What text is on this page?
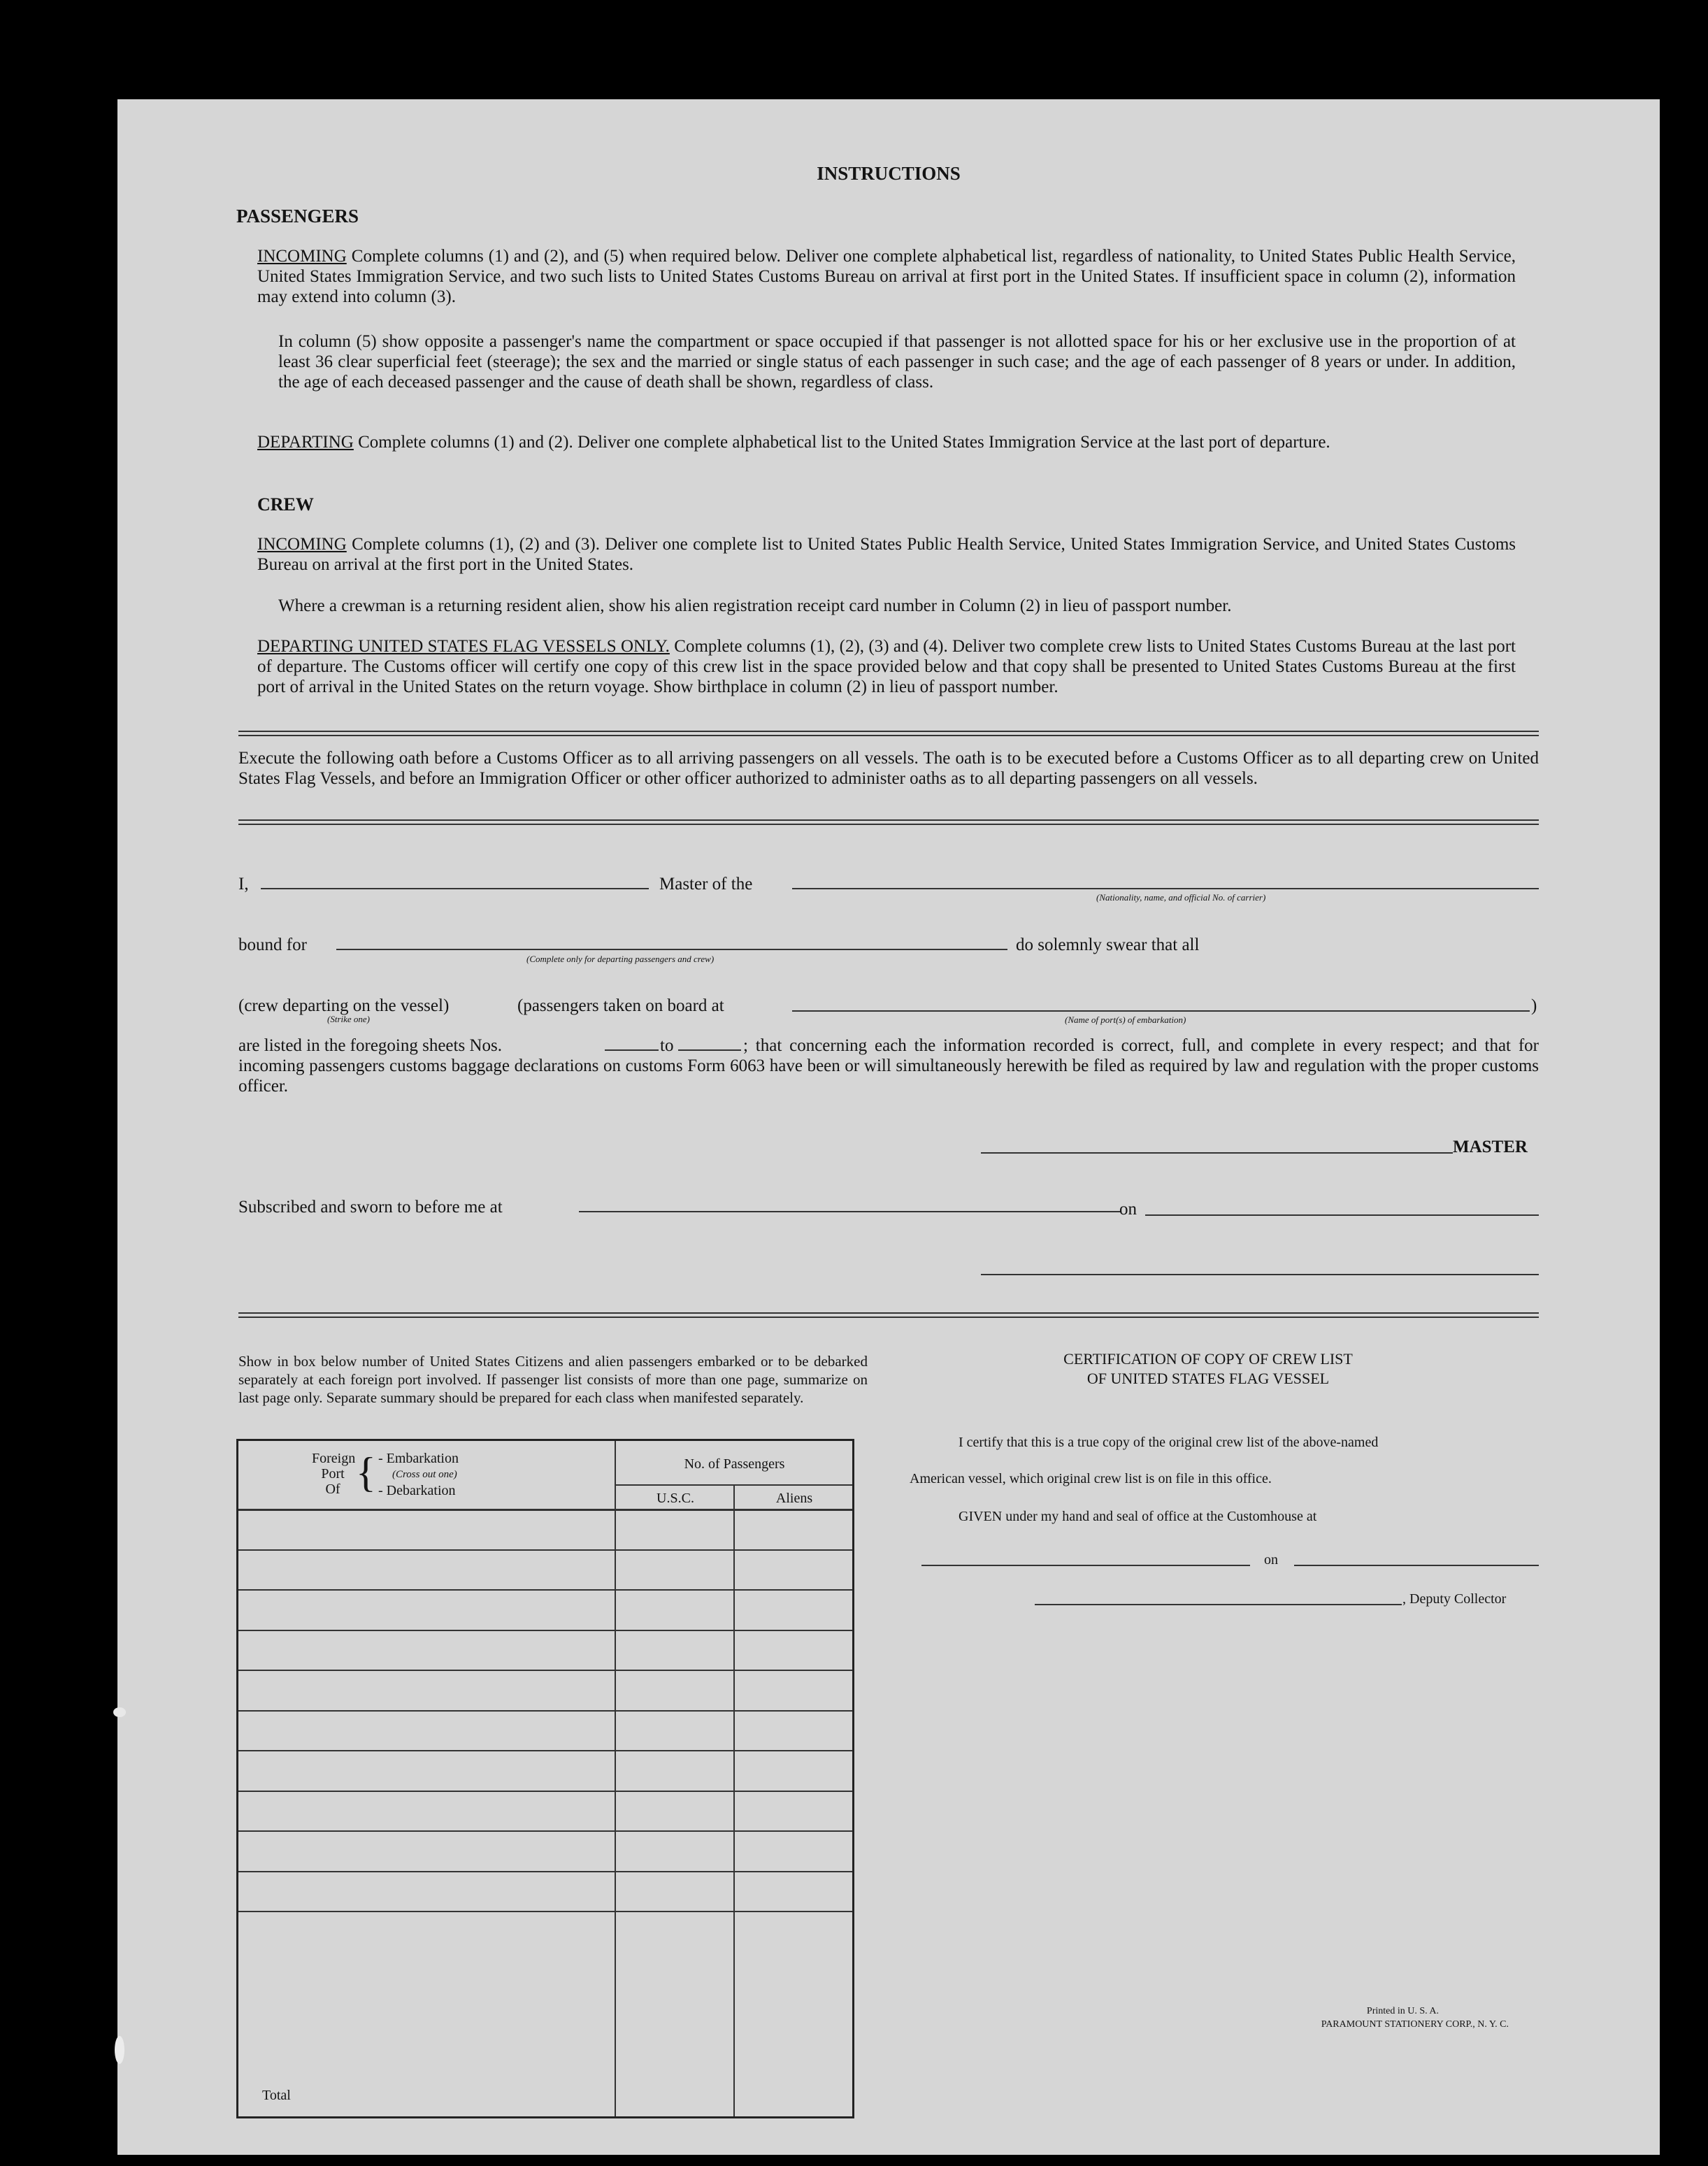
INSTRUCTIONS
PASSENGERS
INCOMING Complete columns (1) and (2), and (5) when required below. Deliver one complete alphabetical list, regardless of nationality, to United States Public Health Service, United States Immigration Service, and two such lists to United States Customs Bureau on arrival at first port in the United States. If insufficient space in column (2), information may extend into column (3).
In column (5) show opposite a passenger's name the compartment or space occupied if that passenger is not allotted space for his or her exclusive use in the proportion of at least 36 clear superficial feet (steerage); the sex and the married or single status of each passenger in such case; and the age of each passenger of 8 years or under. In addition, the age of each deceased passenger and the cause of death shall be shown, regardless of class.
DEPARTING Complete columns (1) and (2). Deliver one complete alphabetical list to the United States Immigration Service at the last port of departure.
CREW
INCOMING Complete columns (1), (2) and (3). Deliver one complete list to United States Public Health Service, United States Immigration Service, and United States Customs Bureau on arrival at the first port in the United States.
Where a crewman is a returning resident alien, show his alien registration receipt card number in Column (2) in lieu of passport number.
DEPARTING UNITED STATES FLAG VESSELS ONLY. Complete columns (1), (2), (3) and (4). Deliver two complete crew lists to United States Customs Bureau at the last port of departure. The Customs officer will certify one copy of this crew list in the space provided below and that copy shall be presented to United States Customs Bureau at the first port of arrival in the United States on the return voyage. Show birthplace in column (2) in lieu of passport number.
Execute the following oath before a Customs Officer as to all arriving passengers on all vessels. The oath is to be executed before a Customs Officer as to all departing crew on United States Flag Vessels, and before an Immigration Officer or other officer authorized to administer oaths as to all departing passengers on all vessels.
I,	Master of the
(Nationality, name, and official No. of carrier)
bound for
(Complete only for departing passengers and crew)
do solemnly swear that all
(crew departing on the vessel)	(passengers taken on board at
(Strike one)	(Name of port(s) of embarkation)
)
are listed in the foregoing sheets Nos.	to	; that concerning each the information recorded is correct, full, and complete in every respect; and that for incoming passengers customs baggage declarations on customs Form 6063 have been or will simultaneously herewith be filed as required by law and regulation with the proper customs officer.
MASTER
Subscribed and sworn to before me at	on
Show in box below number of United States Citizens and alien passengers embarked or to be debarked separately at each foreign port involved. If passenger list consists of more than one page, summarize on last page only. Separate summary should be prepared for each class when manifested separately.
Foreign
Port
Of { - Embarkation
(Cross out one)
- Debarkation
No. of Passengers
U.S.C.	Aliens
Total
CERTIFICATION OF COPY OF CREW LIST
OF UNITED STATES FLAG VESSEL
I certify that this is a true copy of the original crew list of the above-named
American vessel, which original crew list is on file in this office.
GIVEN under my hand and seal of office at the Customhouse at
on
, Deputy Collector
Printed in U. S. A.
PARAMOUNT STATIONERY CORP., N. Y. C.
